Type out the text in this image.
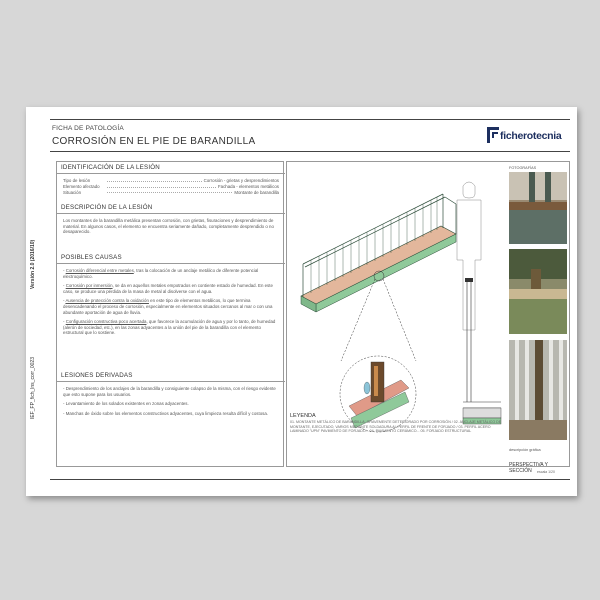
FICHA DE PATOLOGÍA
CORROSIÓN EN EL PIE DE BARANDILLA	ficherotecnia
Versión 2.0 (2016/10)
IEF_FP_fich_lns_corr_0023
IDENTIFICACIÓN DE LA LESIÓN
Tipo de lesión	Corrosión - grietas y desprendimientos
Elemento afectado	Fachada - elementos metálicos
Situación	Montante de barandilla
DESCRIPCIÓN DE LA LESIÓN
Los montantes de la barandilla metálica presentan corrosión, con grietas, fisuraciones y desprendimiento de material. En algunos casos, el elemento se encuentra seriamente dañado, completamente desprendido o no desaparecido.
POSIBLES CAUSAS
- Corrosión diferencial entre metales, tras la colocación de un anclaje metálico de diferente potencial electroquímico.
- Corrosión por inmersión, se da en aquellos metales empotrados en contiente estado de humedad. En este caso, se produce una pérdida de la masa de metal al disolverse con el agua.
- Ausencia de protección contra la oxidación en este tipo de elementos metálicos, lo que termina desencadenando el proceso de corrosión, especialmente en elementos situados cercanos al mar o con una abundante aportación de agua de lluvia.
- Configuración constructiva poco acertada, que favorece la acumulación de agua y por lo tanto, de humedad (alerón de sociedad, etc.), en las zonas adyacentes a la unión del pie de la barandilla con el elemento estructural que lo sostiene.
LESIONES DERIVADAS
- Desprendimiento de los anclajes de la barandilla y consiguiente colapso de la misma, con el riesgo evidente que esto supone para los usuarios.
- Levantamiento de los solados existentes en zonas adyacentes.
- Manchas de óxido sobre los elementos constructivos adyacentes, cuya limpieza resulta difícil y costosa.
FOTOGRAFÍAS
descripción gráfica
PERSPECTIVA Y SECCIÓN	escala 1/20
LEYENDA
01. MONTANTE METÁLICO DE BARANDILLA, GRAVEMENTE DETERIORADO POR CORROSIÓN / 02. ANCLAJE METÁLICO DE MONTANTE, EJECUTADO, VARIOS MEDIANTE SOLDADURA AL PERFIL DE FRENTE DE FORJADO / 03. PERFIL ACERO LAMINADO "UPN" PAVIMENTO DE FORJADO... 04. PAVIMENTO CERÁMICO... 05. FORJADO ESTRUCTURAL
